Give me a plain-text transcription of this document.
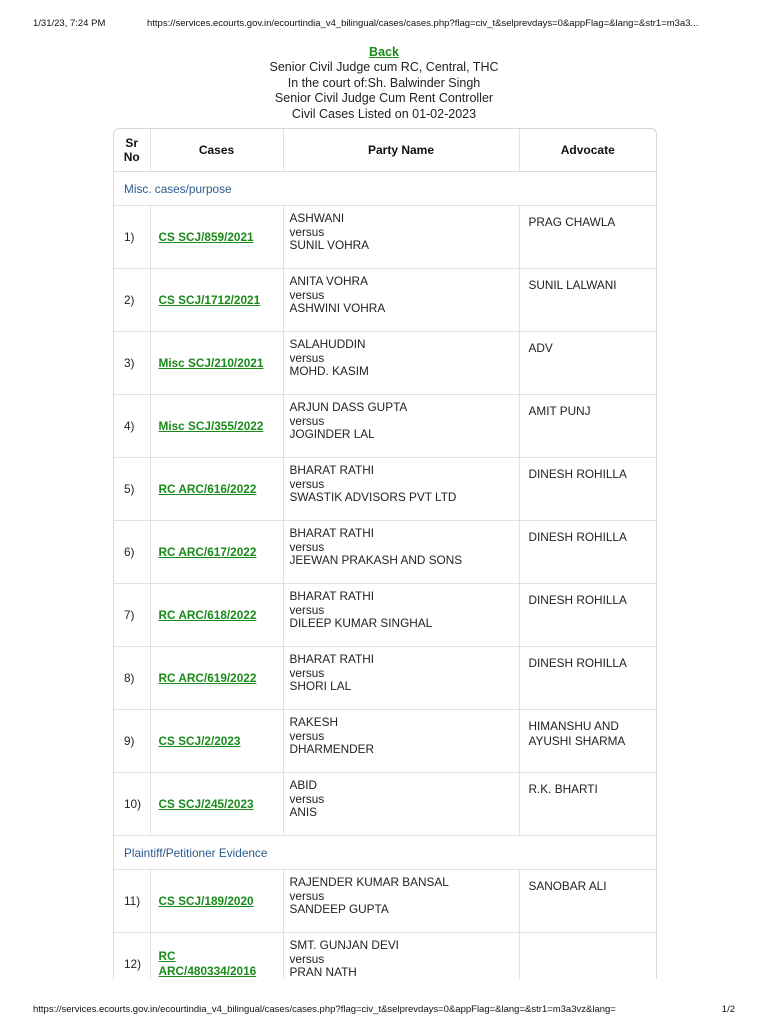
1/31/23, 7:24 PM	https://services.ecourts.gov.in/ecourtindia_v4_bilingual/cases/cases.php?flag=civ_t&selprevdays=0&appFlag=&lang=&str1=m3a3...
Back
Senior Civil Judge cum RC, Central, THC
In the court of:Sh. Balwinder Singh
Senior Civil Judge Cum Rent Controller
Civil Cases Listed on 01-02-2023
Sr No	Cases	Party Name	Advocate
Misc. cases/purpose			
1)	CS SCJ/859/2021	ASHWANI
versus
SUNIL VOHRA	PRAG CHAWLA
2)	CS SCJ/1712/2021	ANITA VOHRA
versus
ASHWINI VOHRA	SUNIL LALWANI
3)	Misc SCJ/210/2021	SALAHUDDIN
versus
MOHD. KASIM	ADV
4)	Misc SCJ/355/2022	ARJUN DASS GUPTA
versus
JOGINDER LAL	AMIT PUNJ
5)	RC ARC/616/2022	BHARAT RATHI
versus
SWASTIK ADVISORS PVT LTD	DINESH ROHILLA
6)	RC ARC/617/2022	BHARAT RATHI
versus
JEEWAN PRAKASH AND SONS	DINESH ROHILLA
7)	RC ARC/618/2022	BHARAT RATHI
versus
DILEEP KUMAR SINGHAL	DINESH ROHILLA
8)	RC ARC/619/2022	BHARAT RATHI
versus
SHORI LAL	DINESH ROHILLA
9)	CS SCJ/2/2023	RAKESH
versus
DHARMENDER	HIMANSHU AND AYUSHI SHARMA
10)	CS SCJ/245/2023	ABID
versus
ANIS	R.K. BHARTI
Plaintiff/Petitioner Evidence			
11)	CS SCJ/189/2020	RAJENDER KUMAR BANSAL
versus
SANDEEP GUPTA	SANOBAR ALI
12)	RC ARC/480334/2016	SMT. GUNJAN DEVI
versus
PRAN NATH	

https://services.ecourts.gov.in/ecourtindia_v4_bilingual/cases/cases.php?flag=civ_t&selprevdays=0&appFlag=&lang=&str1=m3a3vz&lang=	1/2
